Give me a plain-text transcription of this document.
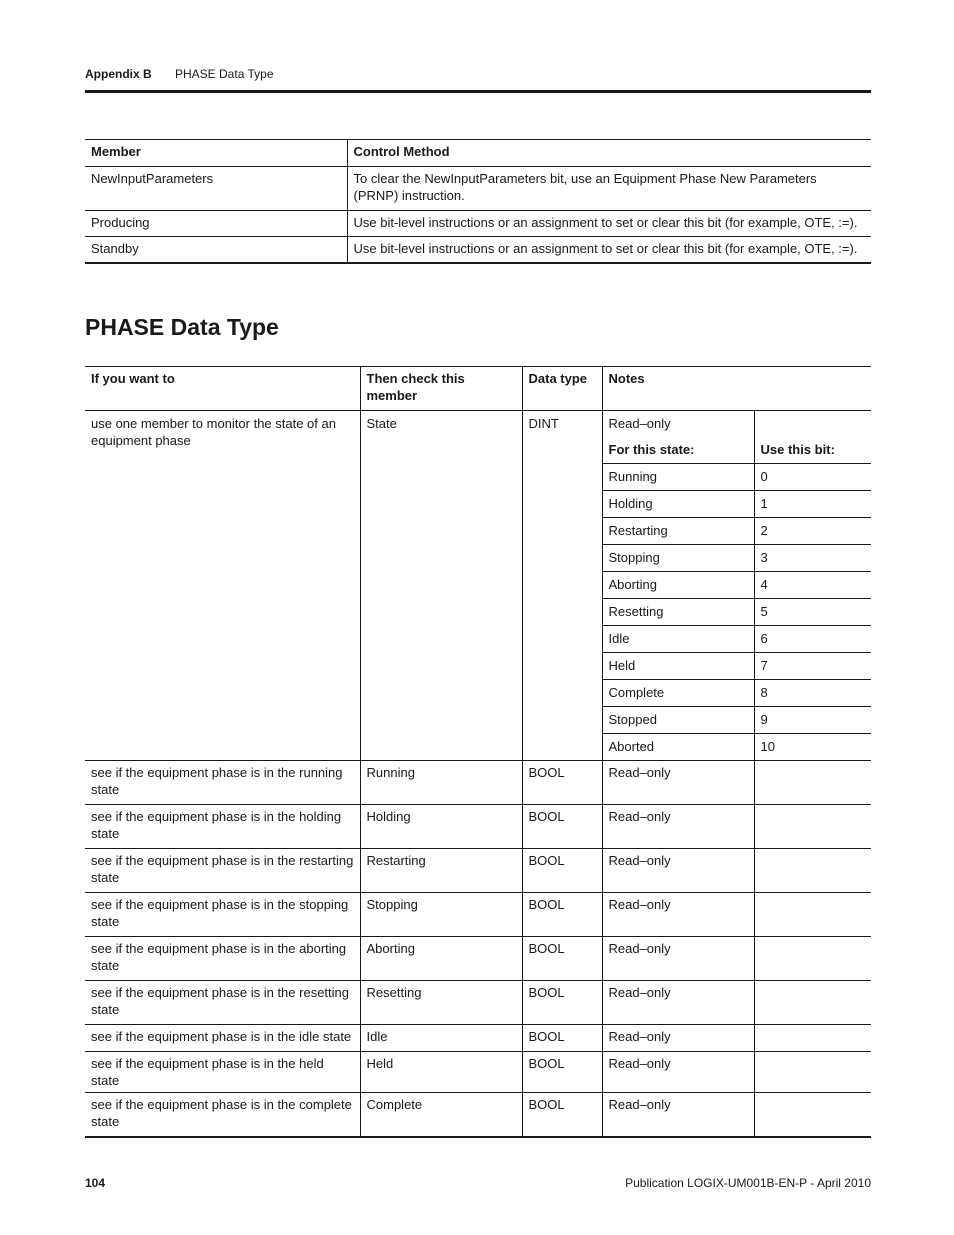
Appendix B PHASE Data Type
Member	Control Method
NewInputParameters	To clear the NewInputParameters bit, use an Equipment Phase New Parameters (PRNP) instruction.
Producing	Use bit-level instructions or an assignment to set or clear this bit (for example, OTE, :=).
Standby	Use bit-level instructions or an assignment to set or clear this bit (for example, OTE, :=).
PHASE Data Type
If you want to	Then check this member	Data type	Notes	
use one member to monitor the state of an equipment phase	State	DINT	Read–only	
			For this state:	Use this bit:
			Running	0
			Holding	1
			Restarting	2
			Stopping	3
			Aborting	4
			Resetting	5
			Idle	6
			Held	7
			Complete	8
			Stopped	9
			Aborted	10
see if the equipment phase is in the running state	Running	BOOL	Read–only	
see if the equipment phase is in the holding state	Holding	BOOL	Read–only	
see if the equipment phase is in the restarting state	Restarting	BOOL	Read–only	
see if the equipment phase is in the stopping state	Stopping	BOOL	Read–only	
see if the equipment phase is in the aborting state	Aborting	BOOL	Read–only	
see if the equipment phase is in the resetting state	Resetting	BOOL	Read–only	
see if the equipment phase is in the idle state	Idle	BOOL	Read–only	
see if the equipment phase is in the held state	Held	BOOL	Read–only	
see if the equipment phase is in the complete state	Complete	BOOL	Read–only	
104	Publication LOGIX-UM001B-EN-P - April 2010
